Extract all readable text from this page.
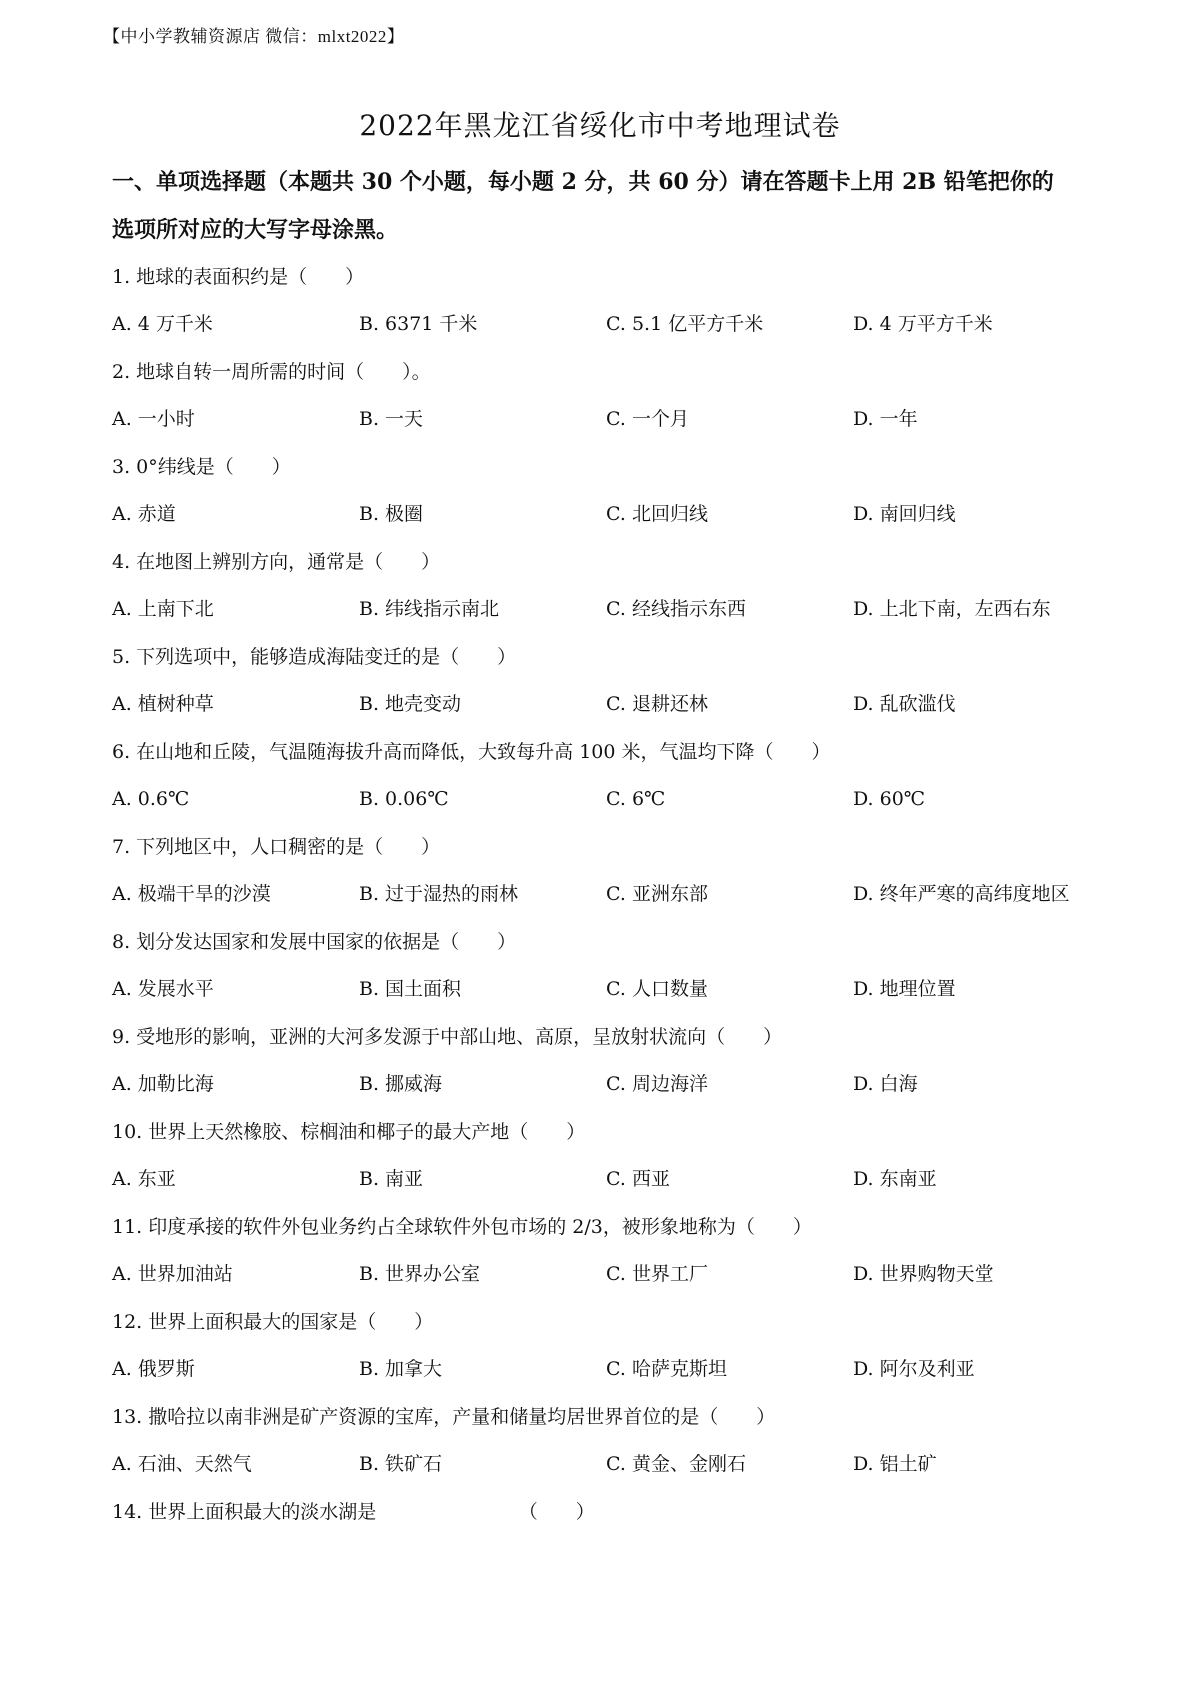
【中小学教辅资源店 微信：mlxt2022】
2022年黑龙江省绥化市中考地理试卷
一、单项选择题（本题共 30 个小题，每小题 2 分，共 60 分）请在答题卡上用 2B 铅笔把你的
选项所对应的大写字母涂黑。
1. 地球的表面积约是（　　）
A. 4 万千米	B. 6371 千米	C. 5.1 亿平方千米	D. 4 万平方千米
2. 地球自转一周所需的时间（　　）。
A. 一小时	B. 一天	C. 一个月	D. 一年
3. 0°纬线是（　　）
A. 赤道	B. 极圈	C. 北回归线	D. 南回归线
4. 在地图上辨别方向，通常是（　　）
A. 上南下北	B. 纬线指示南北	C. 经线指示东西	D. 上北下南，左西右东
5. 下列选项中，能够造成海陆变迁的是（　　）
A. 植树种草	B. 地壳变动	C. 退耕还林	D. 乱砍滥伐
6. 在山地和丘陵，气温随海拔升高而降低，大致每升高 100 米，气温均下降（　　）
A. 0.6℃	B. 0.06℃	C. 6℃	D. 60℃
7. 下列地区中，人口稠密的是（　　）
A. 极端干旱的沙漠	B. 过于湿热的雨林	C. 亚洲东部	D. 终年严寒的高纬度地区
8. 划分发达国家和发展中国家的依据是（　　）
A. 发展水平	B. 国土面积	C. 人口数量	D. 地理位置
9. 受地形的影响，亚洲的大河多发源于中部山地、高原，呈放射状流向（　　）
A. 加勒比海	B. 挪威海	C. 周边海洋	D. 白海
10. 世界上天然橡胶、棕榈油和椰子的最大产地（　　）
A. 东亚	B. 南亚	C. 西亚	D. 东南亚
11. 印度承接的软件外包业务约占全球软件外包市场的 2/3，被形象地称为（　　）
A. 世界加油站	B. 世界办公室	C. 世界工厂	D. 世界购物天堂
12. 世界上面积最大的国家是（　　）
A. 俄罗斯	B. 加拿大	C. 哈萨克斯坦	D. 阿尔及利亚
13. 撒哈拉以南非洲是矿产资源的宝库，产量和储量均居世界首位的是（　　）
A. 石油、天然气	B. 铁矿石	C. 黄金、金刚石	D. 铝土矿
14. 世界上面积最大的淡水湖是　　　　　　　　（　　）
